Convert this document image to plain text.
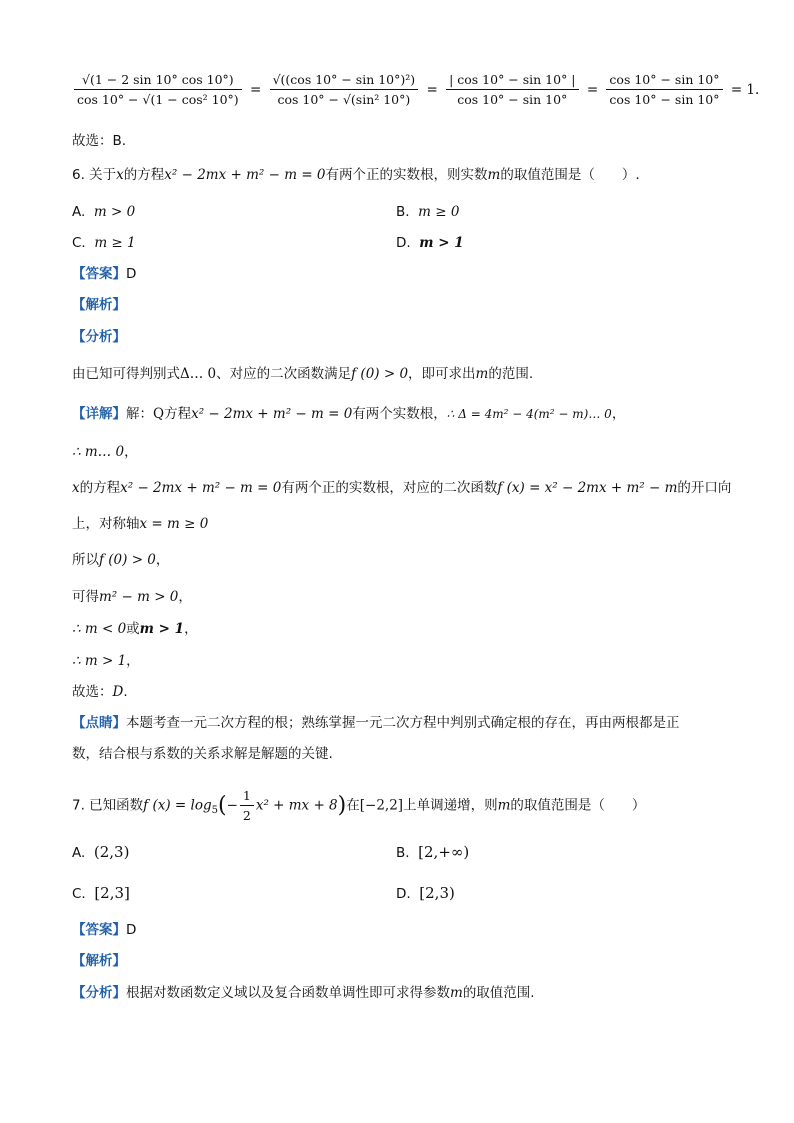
$\frac{√(1 - 2 \sin 10^\circ \cos 10^\circ)}{\text{cos 10° − √(1 − cos² 10°)}} = \frac{\text{√((cos 10° − sin 10°)²)}}{\text{cos 10° − √(sin² 10°)}} = \frac{| \cos 10^\circ - \sin 10^\circ |}{\cos 10^\circ - \sin 10^\circ} = \frac{\cos 10^\circ - \sin 10^\circ}{\cos 10^\circ - \sin 10^\circ} = 1$.
故选：B.
6. 关于x的方程x² − 2mx + m² − m = 0有两个正的实数根，则实数m的取值范围是（　　）.
A. m > 0	B. m ≥ 0
C. m ≥ 1	D. m > 1
【答案】D
【解析】
【分析】
由已知可得判别式Δ… 0、对应的二次函数满足f (0) > 0，即可求出m的范围.
【详解】解：Q方程x² − 2mx + m² − m = 0有两个实数根，∴ Δ = 4m² − 4(m² − m)… 0，
∴ m… 0，
x的方程x² − 2mx + m² − m = 0有两个正的实数根，对应的二次函数f (x) = x² − 2mx + m² − m的开口向
上，对称轴x = m ≥ 0
所以f (0) > 0，
可得m² − m > 0，
∴ m < 0或m > 1，
∴ m > 1，
故选：D.
【点睛】本题考查一元二次方程的根；熟练掌握一元二次方程中判别式确定根的存在，再由两根都是正
数，结合根与系数的关系求解是解题的关键.
7. 已知函数f $(x) = \log_5(- \frac{1}{2} x^2$ + mx + 8)在[−2,2]上单调递增，则m的取值范围是（　　）
A. (2,3)	B. [2,+∞)
C. [2,3]	D. [2,3)
【答案】D
【解析】
【分析】根据对数函数定义域以及复合函数单调性即可求得参数m的取值范围.
